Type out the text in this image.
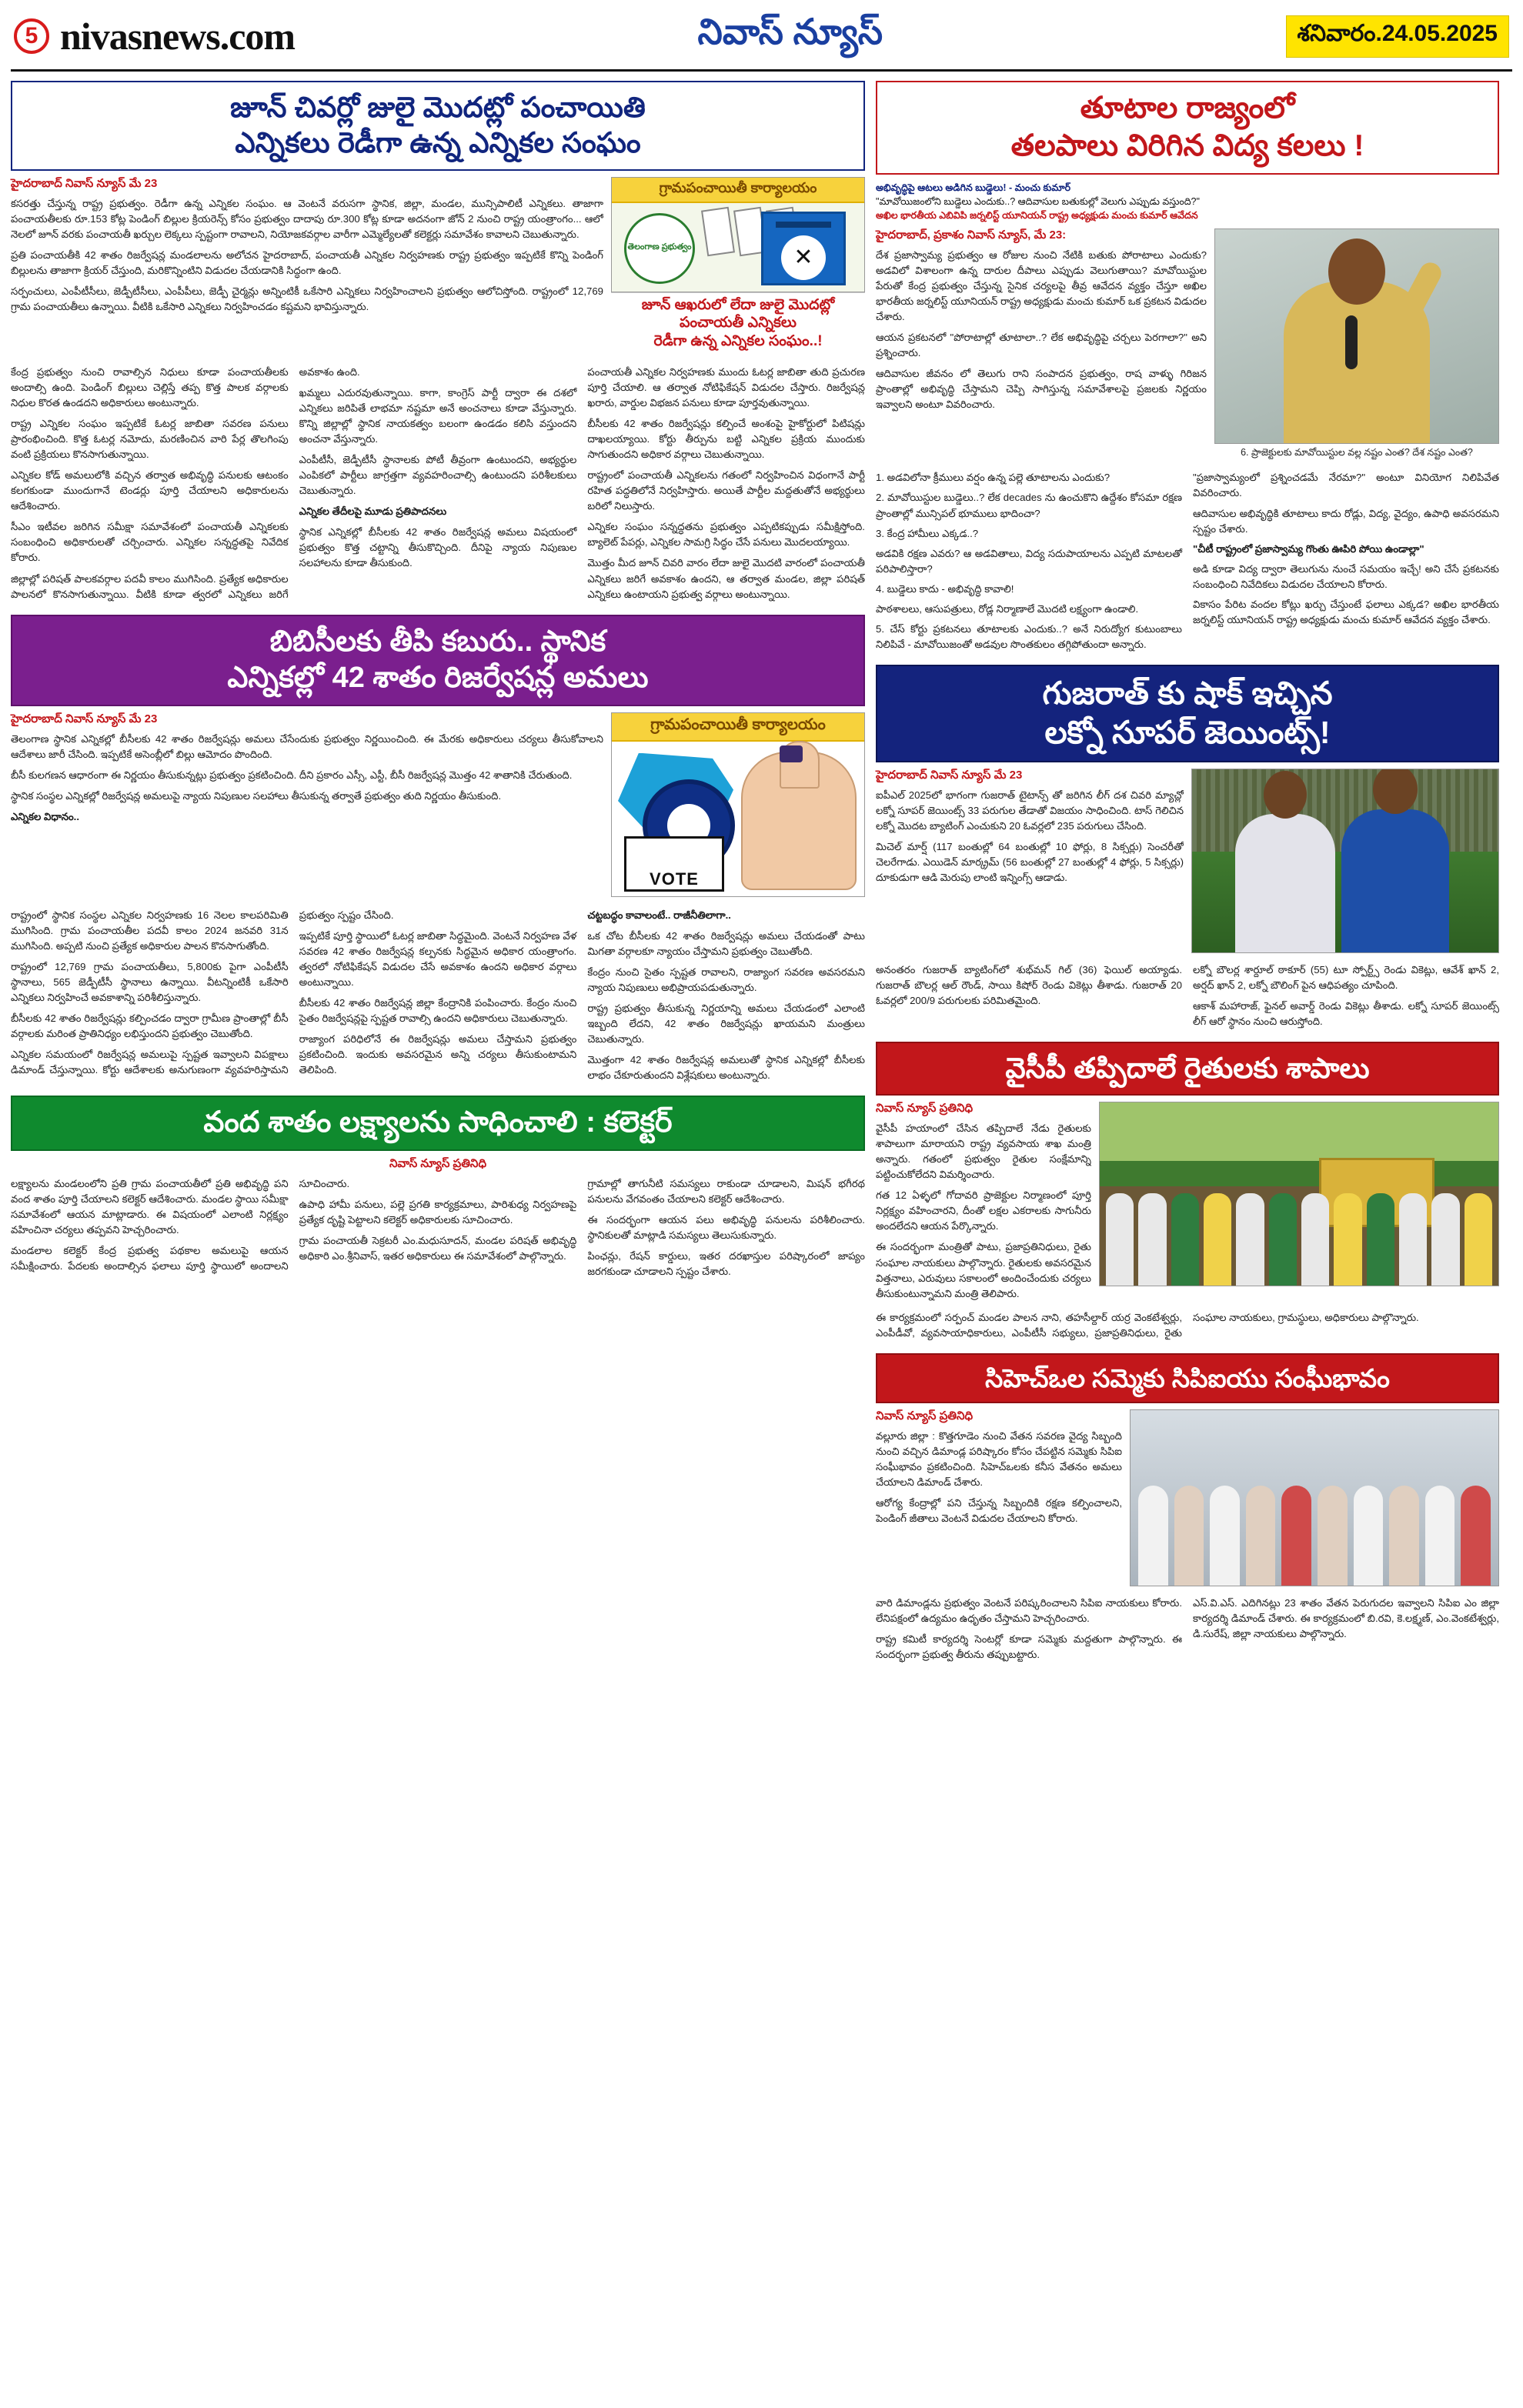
5 nivasnews.com	నివాస్ న్యూస్	శనివారం.24.05.2025
జూన్ చివర్లో జులై మొదట్లో పంచాయితి
ఎన్నికలు రెడీగా ఉన్న ఎన్నికల సంఘం
గ్రామపంచాయితీ కార్యాలయం
తెలంగాణ ప్రభుత్వం	✕
జూన్ ఆఖరులో లేదా జులై మొదట్లో పంచాయతీ ఎన్నికలు
రెడీగా ఉన్న ఎన్నికల సంఘం..!
హైదరాబాద్ నివాస్ న్యూస్ మే 23

కసరత్తు చేస్తున్న రాష్ట్ర ప్రభుత్వం. రెడీగా ఉన్న ఎన్నికల సంఘం. ఆ వెంటనే వరుసగా స్థానిక, జిల్లా, మండల, మున్సిపాలిటీ ఎన్నికలు. తాజాగా పంచాయతీలకు రూ.153 కోట్ల పెండింగ్ బిల్లుల క్రియరెన్స్ కోసం ప్రభుత్వం దాదాపు రూ.300 కోట్ల కూడా అదనంగా జోన్ 2 నుంచి రాష్ట్ర యంత్రాంగం... ఆలో నెలలో జూన్ వరకు పంచాయతీ ఖర్చుల లెక్కలు స్పష్టంగా రావాలని, నియోజకవర్గాల వారీగా ఎమ్మెల్యేలతో కలెక్టర్లు సమావేశం కావాలని చెబుతున్నారు.

ప్రతి పంచాయతీకి 42 శాతం రిజర్వేషన్ల మండలాలను అలోచన హైదరాబాద్, పంచాయతీ ఎన్నికల నిర్వహణకు రాష్ట్ర ప్రభుత్వం ఇప్పటికే కొన్ని పెండింగ్ బిల్లులను తాజాగా క్రియర్ చేస్తుంది, మరికొన్నింటిని విడుదల చేయడానికి సిద్ధంగా ఉంది.

సర్పంచులు, ఎంపీటీసీలు, జెడ్పీటీసీలు, ఎంపీపీలు, జెడ్పీ చైర్మన్లు అన్నింటికీ ఒకేసారి ఎన్నికలు నిర్వహించాలని ప్రభుత్వం ఆలోచిస్తోంది. రాష్ట్రంలో 12,769 గ్రామ పంచాయతీలు ఉన్నాయి. వీటికి ఒకేసారి ఎన్నికలు నిర్వహించడం కష్టమని భావిస్తున్నారు.

కేంద్ర ప్రభుత్వం నుంచి రావాల్సిన నిధులు కూడా పంచాయతీలకు అందాల్సి ఉంది. పెండింగ్ బిల్లులు చెల్లిస్తే తప్ప కొత్త పాలక వర్గాలకు నిధుల కొరత ఉండదని అధికారులు అంటున్నారు.

రాష్ట్ర ఎన్నికల సంఘం ఇప్పటికే ఓటర్ల జాబితా సవరణ పనులు ప్రారంభించింది. కొత్త ఓటర్ల నమోదు, మరణించిన వారి పేర్ల తొలగింపు వంటి ప్రక్రియలు కొనసాగుతున్నాయి.

ఎన్నికల కోడ్ అమలులోకి వచ్చిన తర్వాత అభివృద్ధి పనులకు ఆటంకం కలగకుండా ముందుగానే టెండర్లు పూర్తి చేయాలని అధికారులను ఆదేశించారు.

సీఎం ఇటీవల జరిగిన సమీక్షా సమావేశంలో పంచాయతీ ఎన్నికలకు సంబంధించి అధికారులతో చర్చించారు. ఎన్నికల సన్నద్ధతపై నివేదిక కోరారు.

జిల్లాల్లో పరిషత్ పాలకవర్గాల పదవీ కాలం ముగిసింది. ప్రత్యేక అధికారుల పాలనలో కొనసాగుతున్నాయి. వీటికి కూడా త్వరలో ఎన్నికలు జరిగే అవకాశం ఉంది.

ఖమ్మలు ఎదురవుతున్నాయి. కాగా, కాంగ్రెస్ పార్టీ ద్వారా ఈ దశలో ఎన్నికలు జరిపితే లాభమా నష్టమా అనే అంచనాలు కూడా వేస్తున్నారు. కొన్ని జిల్లాల్లో స్థానిక నాయకత్వం బలంగా ఉండడం కలిసి వస్తుందని అంచనా వేస్తున్నారు.

ఎంపీటీసీ, జెడ్పీటీసీ స్థానాలకు పోటీ తీవ్రంగా ఉంటుందని, అభ్యర్థుల ఎంపికలో పార్టీలు జాగ్రత్తగా వ్యవహరించాల్సి ఉంటుందని పరిశీలకులు చెబుతున్నారు.

ఎన్నికల తేదీలపై మూడు ప్రతిపాదనలు

స్థానిక ఎన్నికల్లో బీసీలకు 42 శాతం రిజర్వేషన్ల అమలు విషయంలో ప్రభుత్వం కొత్త చట్టాన్ని తీసుకొచ్చింది. దీనిపై న్యాయ నిపుణుల సలహాలను కూడా తీసుకుంది.

పంచాయతీ ఎన్నికల నిర్వహణకు ముందు ఓటర్ల జాబితా తుది ప్రచురణ పూర్తి చేయాలి. ఆ తర్వాత నోటిఫికేషన్ విడుదల చేస్తారు. రిజర్వేషన్ల ఖరారు, వార్డుల విభజన పనులు కూడా పూర్తవుతున్నాయి.

బీసీలకు 42 శాతం రిజర్వేషన్లు కల్పించే అంశంపై హైకోర్టులో పిటిషన్లు దాఖలయ్యాయి. కోర్టు తీర్పును బట్టి ఎన్నికల ప్రక్రియ ముందుకు సాగుతుందని అధికార వర్గాలు చెబుతున్నాయి.

రాష్ట్రంలో పంచాయతీ ఎన్నికలను గతంలో నిర్వహించిన విధంగానే పార్టీ రహిత పద్ధతిలోనే నిర్వహిస్తారు. అయితే పార్టీల మద్దతుతోనే అభ్యర్థులు బరిలో నిలుస్తారు.

ఎన్నికల సంఘం సన్నద్ధతను ప్రభుత్వం ఎప్పటికప్పుడు సమీక్షిస్తోంది. బ్యాలెట్ పేపర్లు, ఎన్నికల సామగ్రి సిద్ధం చేసే పనులు మొదలయ్యాయి.

మొత్తం మీద జూన్ చివరి వారం లేదా జులై మొదటి వారంలో పంచాయతీ ఎన్నికలు జరిగే అవకాశం ఉందని, ఆ తర్వాత మండల, జిల్లా పరిషత్ ఎన్నికలు ఉంటాయని ప్రభుత్వ వర్గాలు అంటున్నాయి.

బిబిసీలకు తీపి కబురు.. స్థానిక
ఎన్నికల్లో 42 శాతం రిజర్వేషన్ల అమలు
గ్రామపంచాయితీ కార్యాలయం
VOTE
హైదరాబాద్ నివాస్ న్యూస్ మే 23

తెలంగాణ స్థానిక ఎన్నికల్లో బీసీలకు 42 శాతం రిజర్వేషన్లు అమలు చేసేందుకు ప్రభుత్వం నిర్ణయించింది. ఈ మేరకు అధికారులు చర్యలు తీసుకోవాలని ఆదేశాలు జారీ చేసింది. ఇప్పటికే అసెంబ్లీలో బిల్లు ఆమోదం పొందింది.

బీసీ కులగణన ఆధారంగా ఈ నిర్ణయం తీసుకున్నట్లు ప్రభుత్వం ప్రకటించింది. దీని ప్రకారం ఎస్సీ, ఎస్టీ, బీసీ రిజర్వేషన్ల మొత్తం 42 శాతానికి చేరుతుంది.

స్థానిక సంస్థల ఎన్నికల్లో రిజర్వేషన్ల అమలుపై న్యాయ నిపుణుల సలహాలు తీసుకున్న తర్వాతే ప్రభుత్వం తుది నిర్ణయం తీసుకుంది.

ఎన్నికల విధానం..

రాష్ట్రంలో స్థానిక సంస్థల ఎన్నికల నిర్వహణకు 16 నెలల కాలపరిమితి ముగిసింది. గ్రామ పంచాయతీల పదవీ కాలం 2024 జనవరి 31న ముగిసింది. అప్పటి నుంచి ప్రత్యేక అధికారుల పాలన కొనసాగుతోంది.

రాష్ట్రంలో 12,769 గ్రామ పంచాయతీలు, 5,800కు పైగా ఎంపీటీసీ స్థానాలు, 565 జెడ్పీటీసీ స్థానాలు ఉన్నాయి. వీటన్నింటికీ ఒకేసారి ఎన్నికలు నిర్వహించే అవకాశాన్ని పరిశీలిస్తున్నారు.

బీసీలకు 42 శాతం రిజర్వేషన్లు కల్పించడం ద్వారా గ్రామీణ ప్రాంతాల్లో బీసీ వర్గాలకు మరింత ప్రాతినిధ్యం లభిస్తుందని ప్రభుత్వం చెబుతోంది.

ఎన్నికల సమయంలో రిజర్వేషన్ల అమలుపై స్పష్టత ఇవ్వాలని విపక్షాలు డిమాండ్ చేస్తున్నాయి. కోర్టు ఆదేశాలకు అనుగుణంగా వ్యవహరిస్తామని ప్రభుత్వం స్పష్టం చేసింది.

ఇప్పటికే పూర్తి స్థాయిలో ఓటర్ల జాబితా సిద్ధమైంది. వెంటనే నిర్వహణ వేళ సవరణ 42 శాతం రిజర్వేషన్ల కల్పనకు సిద్ధమైన అధికార యంత్రాంగం. త్వరలో నోటిఫికేషన్ విడుదల చేసే అవకాశం ఉందని అధికార వర్గాలు అంటున్నాయి.

బీసీలకు 42 శాతం రిజర్వేషన్ల జిల్లా కేంద్రానికి పంపించారు. కేంద్రం నుంచి సైతం రిజర్వేషన్లపై స్పష్టత రావాల్సి ఉందని అధికారులు చెబుతున్నారు.

రాజ్యాంగ పరిధిలోనే ఈ రిజర్వేషన్లు అమలు చేస్తామని ప్రభుత్వం ప్రకటించింది. ఇందుకు అవసరమైన అన్ని చర్యలు తీసుకుంటామని తెలిపింది.

చట్టబద్ధం కావాలంటే.. రాజీనీతిలాగా..

ఒక చోట బీసీలకు 42 శాతం రిజర్వేషన్లు అమలు చేయడంతో పాటు మిగతా వర్గాలకూ న్యాయం చేస్తామని ప్రభుత్వం చెబుతోంది.

కేంద్రం నుంచి సైతం స్పష్టత రావాలని, రాజ్యాంగ సవరణ అవసరమని న్యాయ నిపుణులు అభిప్రాయపడుతున్నారు.

రాష్ట్ర ప్రభుత్వం తీసుకున్న నిర్ణయాన్ని అమలు చేయడంలో ఎలాంటి ఇబ్బంది లేదని, 42 శాతం రిజర్వేషన్లు ఖాయమని మంత్రులు చెబుతున్నారు.

మొత్తంగా 42 శాతం రిజర్వేషన్ల అమలుతో స్థానిక ఎన్నికల్లో బీసీలకు లాభం చేకూరుతుందని విశ్లేషకులు అంటున్నారు.

వంద శాతం లక్ష్యాలను సాధించాలి : కలెక్టర్
నివాస్ న్యూస్ ప్రతినిధి

లక్ష్యాలను మండలంలోని ప్రతి గ్రామ పంచాయతీలో ప్రతి అభివృద్ధి పని వంద శాతం పూర్తి చేయాలని కలెక్టర్ ఆదేశించారు. మండల స్థాయి సమీక్షా సమావేశంలో ఆయన మాట్లాడారు. ఈ విషయంలో ఎలాంటి నిర్లక్ష్యం వహించినా చర్యలు తప్పవని హెచ్చరించారు.

మండలాల కలెక్టర్ కేంద్ర ప్రభుత్వ పథకాల అమలుపై ఆయన సమీక్షించారు. పేదలకు అందాల్సిన ఫలాలు పూర్తి స్థాయిలో అందాలని సూచించారు.

ఉపాధి హామీ పనులు, పల్లె ప్రగతి కార్యక్రమాలు, పారిశుధ్య నిర్వహణపై ప్రత్యేక దృష్టి పెట్టాలని కలెక్టర్ అధికారులకు సూచించారు.

గ్రామ పంచాయతీ సెక్రటరీ ఎం.మధుసూదన్, మండల పరిషత్ అభివృద్ధి అధికారి ఎం.శ్రీనివాస్, ఇతర అధికారులు ఈ సమావేశంలో పాల్గొన్నారు.

గ్రామాల్లో తాగునీటి సమస్యలు రాకుండా చూడాలని, మిషన్ భగీరథ పనులను వేగవంతం చేయాలని కలెక్టర్ ఆదేశించారు.

ఈ సందర్భంగా ఆయన పలు అభివృద్ధి పనులను పరిశీలించారు. స్థానికులతో మాట్లాడి సమస్యలు తెలుసుకున్నారు.

పింఛన్లు, రేషన్ కార్డులు, ఇతర దరఖాస్తుల పరిష్కారంలో జాప్యం జరగకుండా చూడాలని స్పష్టం చేశారు.

తూటాల రాజ్యంలో
తలపాలు విరిగిన విద్య కలలు !
అభివృద్ధిపై ఆటలు అడిగిన బుడ్డెలు! - మంచు కుమార్
"మావోయిజంలోని బుడ్డెలు ఎందుకు..? ఆదివాసుల బతుకుల్లో వెలుగు ఎప్పుడు వస్తుంది?"
అఖిల భారతీయ ఎబివిపి జర్నలిస్ట్ యూనియన్ రాష్ట్ర అధ్యక్షుడు మంచు కుమార్ ఆవేదన
6. ప్రాజెక్టులకు మావోయిస్టుల వల్ల నష్టం ఎంత? దేశ నష్టం ఎంత?
హైదరాబాద్, ప్రకాశం నివాస్ న్యూస్, మే 23:

దేశ ప్రజాస్వామ్య ప్రభుత్వం ఆ రోజుల నుంచి నేటికి బతుకు పోరాటాలు ఎందుకు? అడవిలో విశాలంగా ఉన్న దారుల దీపాలు ఎప్పుడు వెలుగుతాయి? మావోయిస్టుల పేరుతో కేంద్ర ప్రభుత్వం చేస్తున్న సైనిక చర్యలపై తీవ్ర ఆవేదన వ్యక్తం చేస్తూ అఖిల భారతీయ జర్నలిస్ట్ యూనియన్ రాష్ట్ర అధ్యక్షుడు మంచు కుమార్ ఒక ప్రకటన విడుదల చేశారు.

ఆయన ప్రకటనలో "పోరాటాల్లో తూటాలా..? లేక అభివృద్ధిపై చర్చలు పెరగాలా?" అని ప్రశ్నించారు.

ఆదివాసుల జీవనం లో తెలుగు రాని సంపాదన ప్రభుత్వం, రాష వాళ్ళు గిరిజన ప్రాంతాల్లో అభివృద్ధి చేస్తామని చెప్పి సాగిస్తున్న సమావేశాలపై ప్రజలకు నిర్ణయం ఇవ్వాలని అంటూ వివరించారు.

1. అడవిలోనా క్రీములు వర్షం ఉన్న పల్లె తూటాలను ఎందుకు?

2. మావోయిస్టుల బుడ్డెలు..? లేక decades ను ఉంచుకొని ఉద్దేశం కోసమా రక్షణ ప్రాంతాల్లో మున్సిపల్ భూములు భాదించా?

3. కేంద్ర హామీలు ఎక్కడ..?

అడవికి రక్షణ ఎవరు? ఆ అడవితాలు, విద్య సదుపాయాలను ఎప్పటి మాటలతో పరిపాలిస్తారా?

4. బుడ్డెలు కాదు - అభివృద్ధి కావాలి!

పాఠశాలలు, ఆసుపత్రులు, రోడ్ల నిర్మాణాలే మొదటి లక్ష్యంగా ఉండాలి.

5. చేస్ కోర్టు ప్రకటనలు తూటాలకు ఎందుకు..? అనే నిరుద్యోగ కుటుంబాలు నిలిపివే - మావోయిజంతో అడవుల సొంతకులం తగ్గిపోతుందా అన్నారు.

"ప్రజాస్వామ్యంలో ప్రశ్నించడమే నేరమా?" అంటూ వినియోగ నిలిపివేత వివరించారు.

ఆదివాసుల అభివృద్ధికి తూటాలు కాదు రోడ్లు, విద్య, వైద్యం, ఉపాధి అవసరమని స్పష్టం చేశారు.

"చీటీ రాష్ట్రంలో ప్రజాస్వామ్య గొంతు ఊపిరి పోయి ఉండాల్లా"

అడి కూడా విద్య ద్వారా తెలుగును నుంచే సమయం ఇచ్చే! అని చేసే ప్రకటనకు సంబంధించి నివేదికలు విడుదల చేయాలని కోరారు.

వికాసం పేరిట వందల కోట్లు ఖర్చు చేస్తుంటే ఫలాలు ఎక్కడ? అఖిల భారతీయ జర్నలిస్ట్ యూనియన్ రాష్ట్ర అధ్యక్షుడు మంచు కుమార్ ఆవేదన వ్యక్తం చేశారు.

గుజరాత్ కు షాక్ ఇచ్చిన
లక్నో సూపర్ జెయింట్స్!
హైదరాబాద్ నివాస్ న్యూస్ మే 23

ఐపీఎల్ 2025లో భాగంగా గుజరాత్ టైటాన్స్ తో జరిగిన లీగ్ దశ చివరి మ్యాచ్లో లక్నో సూపర్ జెయింట్స్ 33 పరుగుల తేడాతో విజయం సాధించింది. టాస్ గెలిచిన లక్నో మొదట బ్యాటింగ్ ఎంచుకుని 20 ఓవర్లలో 235 పరుగులు చేసింది.

మిచెల్ మార్ష్ (117 బంతుల్లో 64 బంతుల్లో 10 ఫోర్లు, 8 సిక్సర్లు) సెంచరీతో చెలరేగాడు. ఎయిడెన్ మార్క్రమ్ (56 బంతుల్లో 27 బంతుల్లో 4 ఫోర్లు, 5 సిక్సర్లు) దూకుడుగా ఆడి మెరుపు లాంటి ఇన్నింగ్స్ ఆడాడు.

అనంతరం గుజరాత్ బ్యాటింగ్‌లో శుభ్‌మన్ గిల్ (36) ఫెయిల్ అయ్యాడు. గుజరాత్ బౌలర్ల ఆల్ రౌండ్, సాయి కిషోర్ రెండు వికెట్లు తీశాడు. గుజరాత్ 20 ఓవర్లలో 200/9 పరుగులకు పరిమితమైంది.

లక్నో బౌలర్ల శార్దూల్ ఠాకూర్ (55) టూ స్పోర్ట్స్ రెండు వికెట్లు, ఆవేశ్ ఖాన్ 2, అర్షద్ ఖాన్ 2, లక్నో బౌలింగ్ పైన ఆధిపత్యం చూపింది.

ఆకాశ్ మహారాజ్, ఫైనల్ అవార్డ్ రెండు వికెట్లు తీశాడు. లక్నో సూపర్ జెయింట్స్ లీగ్ ఆరో స్థానం నుంచి ఆరుస్తోంది.

వైసీపీ తప్పిదాలే రైతులకు శాపాలు
నివాస్ న్యూస్ ప్రతినిధి

వైసీపీ హయాంలో చేసిన తప్పిదాలే నేడు రైతులకు శాపాలుగా మారాయని రాష్ట్ర వ్యవసాయ శాఖ మంత్రి అన్నారు. గతంలో ప్రభుత్వం రైతుల సంక్షేమాన్ని పట్టించుకోలేదని విమర్శించారు.

గత 12 ఏళ్ళలో గోదావరి ప్రాజెక్టుల నిర్మాణంలో పూర్తి నిర్లక్ష్యం వహించారని, దీంతో లక్షల ఎకరాలకు సాగునీరు అందలేదని ఆయన పేర్కొన్నారు.

ఈ సందర్భంగా మంత్రితో పాటు, ప్రజాప్రతినిధులు, రైతు సంఘాల నాయకులు పాల్గొన్నారు. రైతులకు అవసరమైన విత్తనాలు, ఎరువులు సకాలంలో అందించేందుకు చర్యలు తీసుకుంటున్నామని మంత్రి తెలిపారు.

ఈ కార్యక్రమంలో సర్పంచ్ మండల పాలన నాని, తహసీల్దార్ యర్ర వెంకటేశ్వర్లు, ఎంపీడీవో, వ్యవసాయాధికారులు, ఎంపీటీసీ సభ్యులు, ప్రజాప్రతినిధులు, రైతు సంఘాల నాయకులు, గ్రామస్థులు, అధికారులు పాల్గొన్నారు.

సిహెచ్‌ఒల సమ్మెకు సిపిఐయు సంఘీభావం
నివాస్ న్యూస్ ప్రతినిధి

వల్లూరు జిల్లా : కొత్తగూడెం నుంచి వేతన సవరణ వైద్య సిబ్బంది నుంచి వచ్చిన డిమాండ్ల పరిష్కారం కోసం చేపట్టిన సమ్మెకు సిపిఐ సంఘీభావం ప్రకటించింది. సిహెచ్‌ఒలకు కనీస వేతనం అమలు చేయాలని డిమాండ్ చేశారు.

ఆరోగ్య కేంద్రాల్లో పని చేస్తున్న సిబ్బందికి రక్షణ కల్పించాలని, పెండింగ్ జీతాలు వెంటనే విడుదల చేయాలని కోరారు.

వారి డిమాండ్లను ప్రభుత్వం వెంటనే పరిష్కరించాలని సిపిఐ నాయకులు కోరారు. లేనిపక్షంలో ఉద్యమం ఉధృతం చేస్తామని హెచ్చరించారు.

రాష్ట్ర కమిటీ కార్యదర్శి సెంటర్లో కూడా సమ్మెకు మద్దతుగా పాల్గొన్నారు. ఈ సందర్భంగా ప్రభుత్వ తీరును తప్పుబట్టారు.

ఎస్.వి.ఎస్. ఎదిగినట్లు 23 శాతం వేతన పెరుగుదల ఇవ్వాలని సిపిఐ ఎం జిల్లా కార్యదర్శి డిమాండ్ చేశారు. ఈ కార్యక్రమంలో బి.రవి, కె.లక్ష్మణ్, ఎం.వెంకటేశ్వర్లు, డి.సురేష్, జిల్లా నాయకులు పాల్గొన్నారు.
